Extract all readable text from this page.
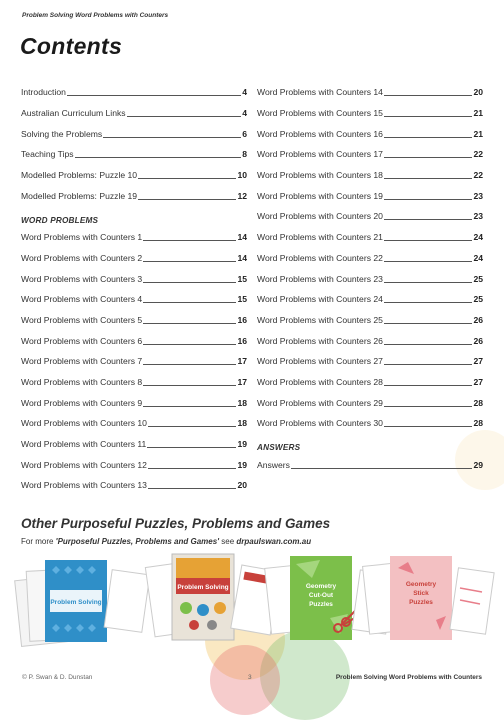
Problem Solving Word Problems with Counters
Contents
Introduction	4
Australian Curriculum Links	4
Solving the Problems	6
Teaching Tips	8
Modelled Problems: Puzzle 10	10
Modelled Problems: Puzzle 19	12
WORD PROBLEMS
Word Problems with Counters 1	14
Word Problems with Counters 2	14
Word Problems with Counters 3	15
Word Problems with Counters 4	15
Word Problems with Counters 5	16
Word Problems with Counters 6	16
Word Problems with Counters 7	17
Word Problems with Counters 8	17
Word Problems with Counters 9	18
Word Problems with Counters 10	18
Word Problems with Counters 11	19
Word Problems with Counters 12	19
Word Problems with Counters 13	20
Word Problems with Counters 14	20
Word Problems with Counters 15	21
Word Problems with Counters 16	21
Word Problems with Counters 17	22
Word Problems with Counters 18	22
Word Problems with Counters 19	23
Word Problems with Counters 20	23
Word Problems with Counters 21	24
Word Problems with Counters 22	24
Word Problems with Counters 23	25
Word Problems with Counters 24	25
Word Problems with Counters 25	26
Word Problems with Counters 26	26
Word Problems with Counters 27	27
Word Problems with Counters 28	27
Word Problems with Counters 29	28
Word Problems with Counters 30	28
ANSWERS
Answers	29
Other Purposeful Puzzles, Problems and Games
For more 'Purposeful Puzzles, Problems and Games' see drpaulswan.com.au
Problem Solving
Problem Solving	Geometry
Cut-Out
Puzzles
Geometry
Stick
Puzzles
© P. Swan & D. Dunstan	3	Problem Solving Word Problems with Counters
